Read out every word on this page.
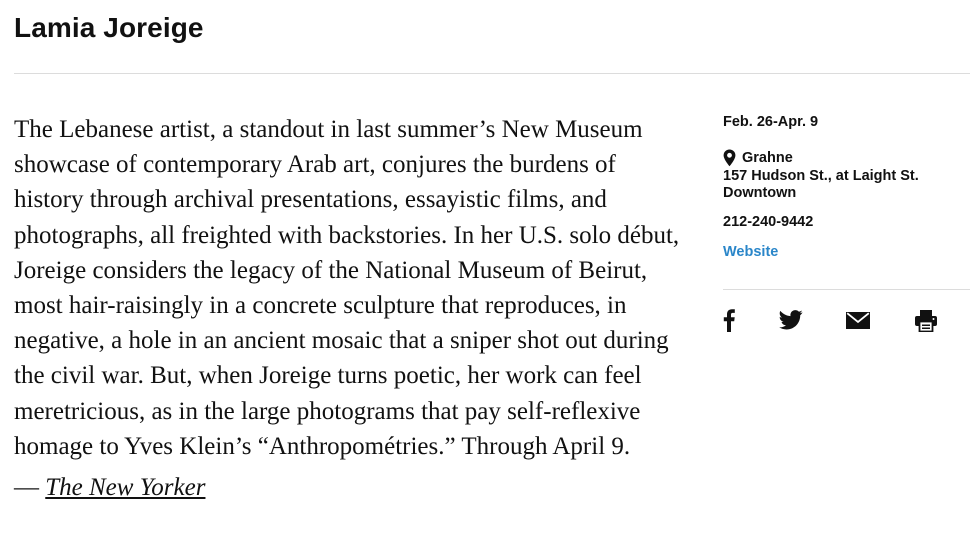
Lamia Joreige
The Lebanese artist, a standout in last summer’s New Museum
showcase of contemporary Arab art, conjures the burdens of
history through archival presentations, essayistic films, and
photographs, all freighted with backstories. In her U.S. solo début,
Joreige considers the legacy of the National Museum of Beirut,
most hair-raisingly in a concrete sculpture that reproduces, in
negative, a hole in an ancient mosaic that a sniper shot out during
the civil war. But, when Joreige turns poetic, her work can feel
meretricious, as in the large photograms that pay self-reflexive
homage to Yves Klein’s “Anthropométries.” Through April 9.
— The New Yorker
Feb. 26-Apr. 9
Grahne
157 Hudson St., at Laight St.
Downtown
212-240-9442
Website
